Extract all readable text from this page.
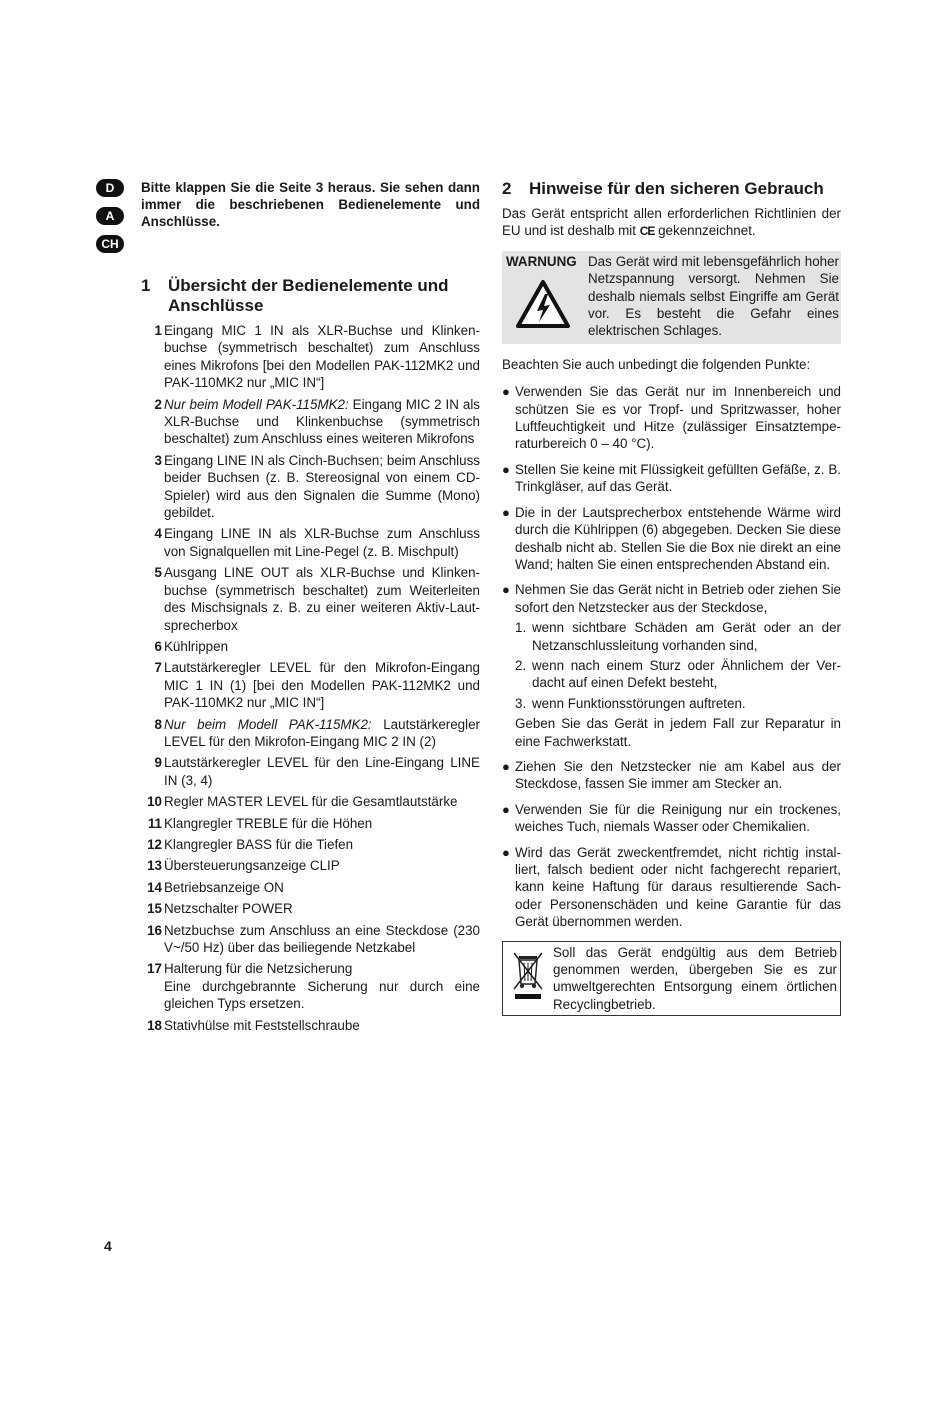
D
A
CH

Bitte klappen Sie die Seite 3 heraus. Sie sehen dann immer die beschriebenen Bedienelemente und Anschlüsse.

1	Übersicht der Bedienelemente und Anschlüsse
1 Eingang MIC 1 IN als XLR-Buchse und Klinkenbuchse (symmetrisch beschaltet) zum Anschluss eines Mikrofons [bei den Modellen PAK-112MK2 und PAK-110MK2 nur „MIC IN“]
2 Nur beim Modell PAK-115MK2: Eingang MIC 2 IN als XLR-Buchse und Klinkenbuchse (symmetrisch beschaltet) zum Anschluss eines weiteren Mikrofons
3 Eingang LINE IN als Cinch-Buchsen; beim Anschluss beider Buchsen (z. B. Stereosignal von einem CD-Spieler) wird aus den Signalen die Summe (Mono) gebildet.
4 Eingang LINE IN als XLR-Buchse zum Anschluss von Signalquellen mit Line-Pegel (z. B. Mischpult)
5 Ausgang LINE OUT als XLR-Buchse und Klinkenbuchse (symmetrisch beschaltet) zum Weiterleiten des Mischsignals z. B. zu einer weiteren Aktiv-Lautsprecherbox
6 Kühlrippen
7 Lautstärkeregler LEVEL für den Mikrofon-Eingang MIC 1 IN (1) [bei den Modellen PAK-112MK2 und PAK-110MK2 nur „MIC IN“]
8 Nur beim Modell PAK-115MK2: Lautstärkeregler LEVEL für den Mikrofon-Eingang MIC 2 IN (2)
9 Lautstärkeregler LEVEL für den Line-Eingang LINE IN (3, 4)
10 Regler MASTER LEVEL für die Gesamtlautstärke
11 Klangregler TREBLE für die Höhen
12 Klangregler BASS für die Tiefen
13 Übersteuerungsanzeige CLIP
14 Betriebsanzeige ON
15 Netzschalter POWER
16 Netzbuchse zum Anschluss an eine Steckdose (230 V~/50 Hz) über das beiliegende Netzkabel
17 Halterung für die Netzsicherung
Eine durchgebrannte Sicherung nur durch eine gleichen Typs ersetzen.
18 Stativhülse mit Feststellschraube
2	Hinweise für den sicheren Gebrauch

Das Gerät entspricht allen erforderlichen Richtlinien der EU und ist deshalb mit CE gekennzeichnet.

WARNUNG Das Gerät wird mit lebensgefährlich hoher Netzspannung versorgt. Nehmen Sie deshalb niemals selbst Eingriffe am Gerät vor. Es besteht die Gefahr eines elektrischen Schlages.

Beachten Sie auch unbedingt die folgenden Punkte:

● Verwenden Sie das Gerät nur im Innenbereich und schützen Sie es vor Tropf- und Spritzwasser, hoher Luftfeuchtigkeit und Hitze (zulässiger Einsatztemperaturbereich 0 – 40 °C).
● Stellen Sie keine mit Flüssigkeit gefüllten Gefäße, z. B. Trinkgläser, auf das Gerät.
● Die in der Lautsprecherbox entstehende Wärme wird durch die Kühlrippen (6) abgegeben. Decken Sie diese deshalb nicht ab. Stellen Sie die Box nie direkt an eine Wand; halten Sie einen entsprechenden Abstand ein.
● Nehmen Sie das Gerät nicht in Betrieb oder ziehen Sie sofort den Netzstecker aus der Steckdose,
1. wenn sichtbare Schäden am Gerät oder an der Netzanschlussleitung vorhanden sind,
2. wenn nach einem Sturz oder Ähnlichem der Verdacht auf einen Defekt besteht,
3. wenn Funktionsstörungen auftreten.
Geben Sie das Gerät in jedem Fall zur Reparatur in eine Fachwerkstatt.
● Ziehen Sie den Netzstecker nie am Kabel aus der Steckdose, fassen Sie immer am Stecker an.
● Verwenden Sie für die Reinigung nur ein trockenes, weiches Tuch, niemals Wasser oder Chemikalien.
● Wird das Gerät zweckentfremdet, nicht richtig installiert, falsch bedient oder nicht fachgerecht repariert, kann keine Haftung für daraus resultierende Sach- oder Personenschäden und keine Garantie für das Gerät übernommen werden.
Soll das Gerät endgültig aus dem Betrieb genommen werden, übergeben Sie es zur umweltgerechten Entsorgung einem örtlichen Recyclingbetrieb.
4
